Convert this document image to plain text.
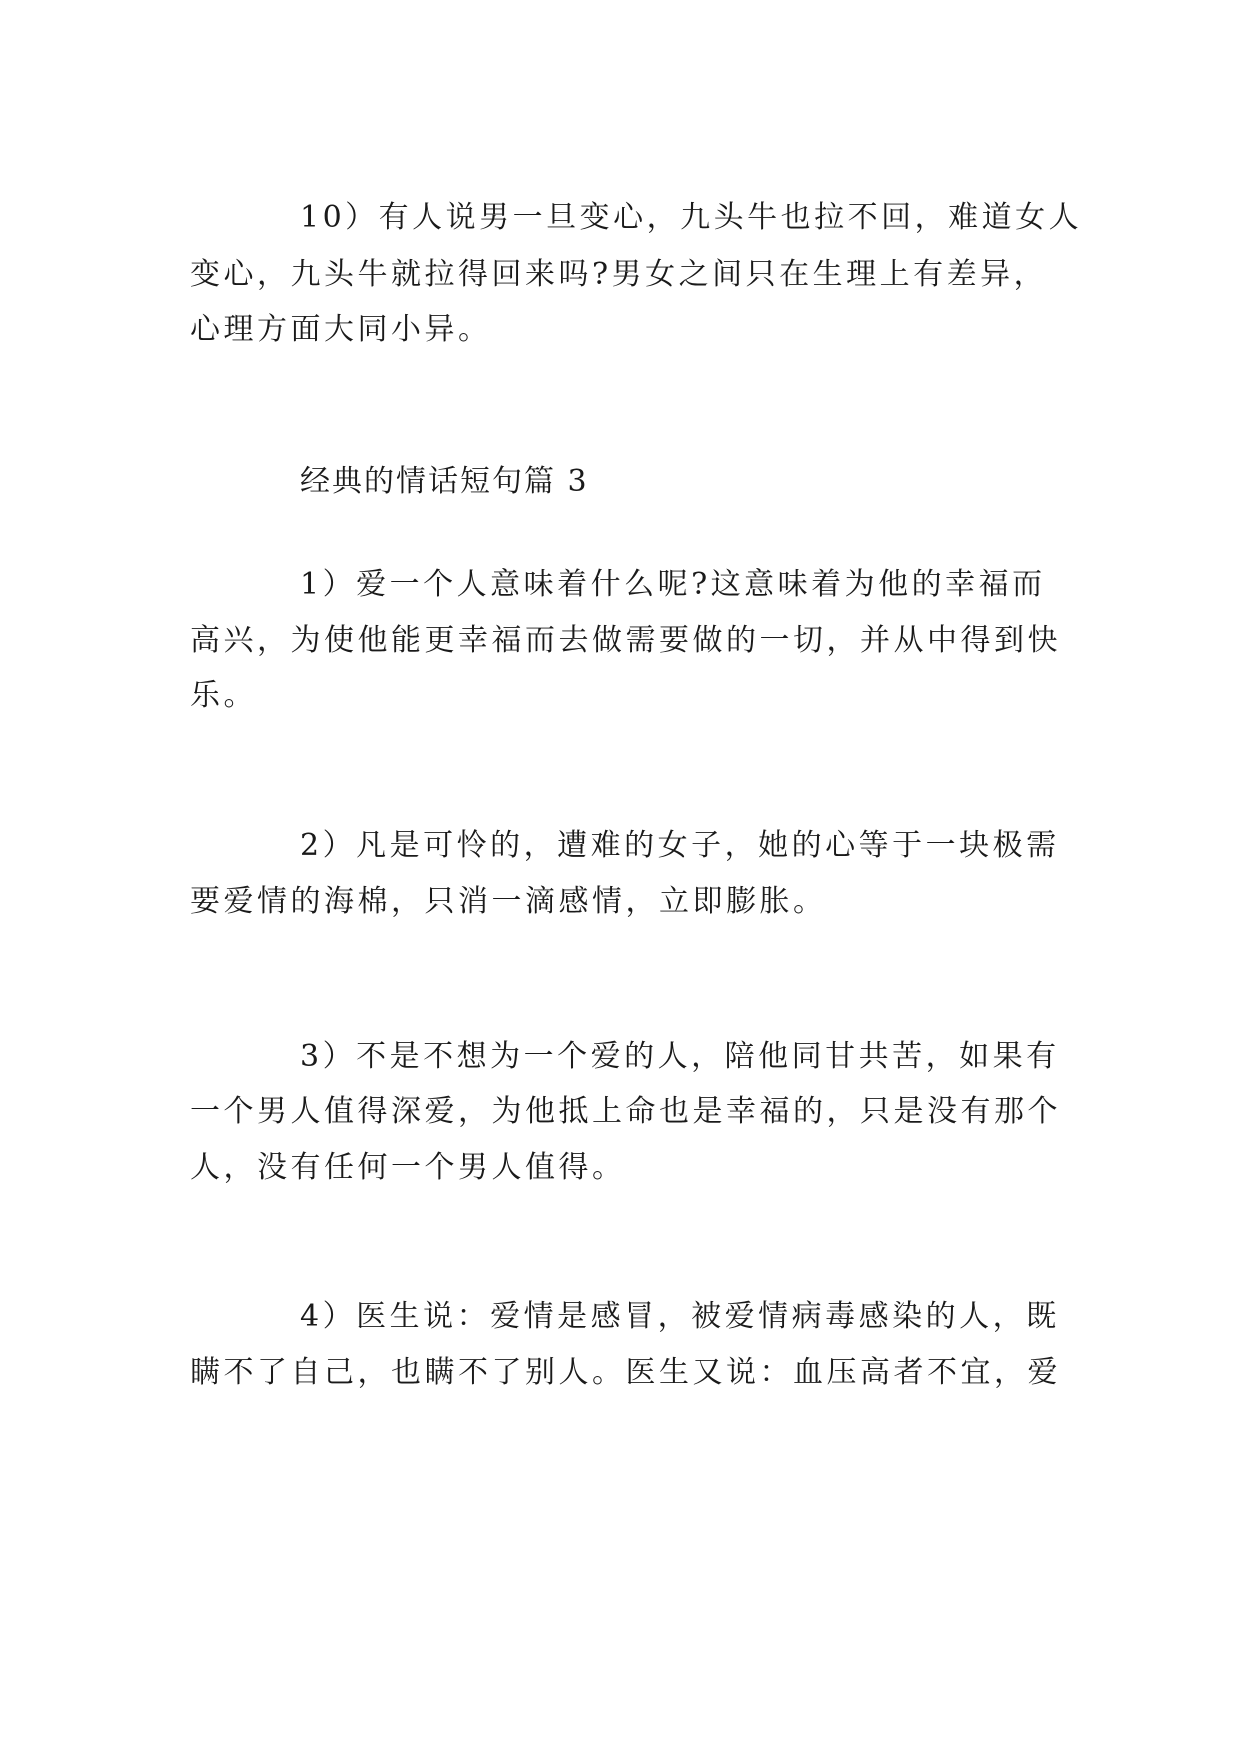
10）有人说男一旦变心，九头牛也拉不回，难道女人
变心，九头牛就拉得回来吗?男女之间只在生理上有差异，
心理方面大同小异。
经典的情话短句篇 3
1）爱一个人意味着什么呢?这意味着为他的幸福而
高兴，为使他能更幸福而去做需要做的一切，并从中得到快
乐。
2）凡是可怜的，遭难的女子，她的心等于一块极需
要爱情的海棉，只消一滴感情，立即膨胀。
3）不是不想为一个爱的人，陪他同甘共苦，如果有
一个男人值得深爱，为他抵上命也是幸福的，只是没有那个
人，没有任何一个男人值得。
4）医生说：爱情是感冒，被爱情病毒感染的人，既
瞒不了自己，也瞒不了别人。医生又说：血压高者不宜，爱
